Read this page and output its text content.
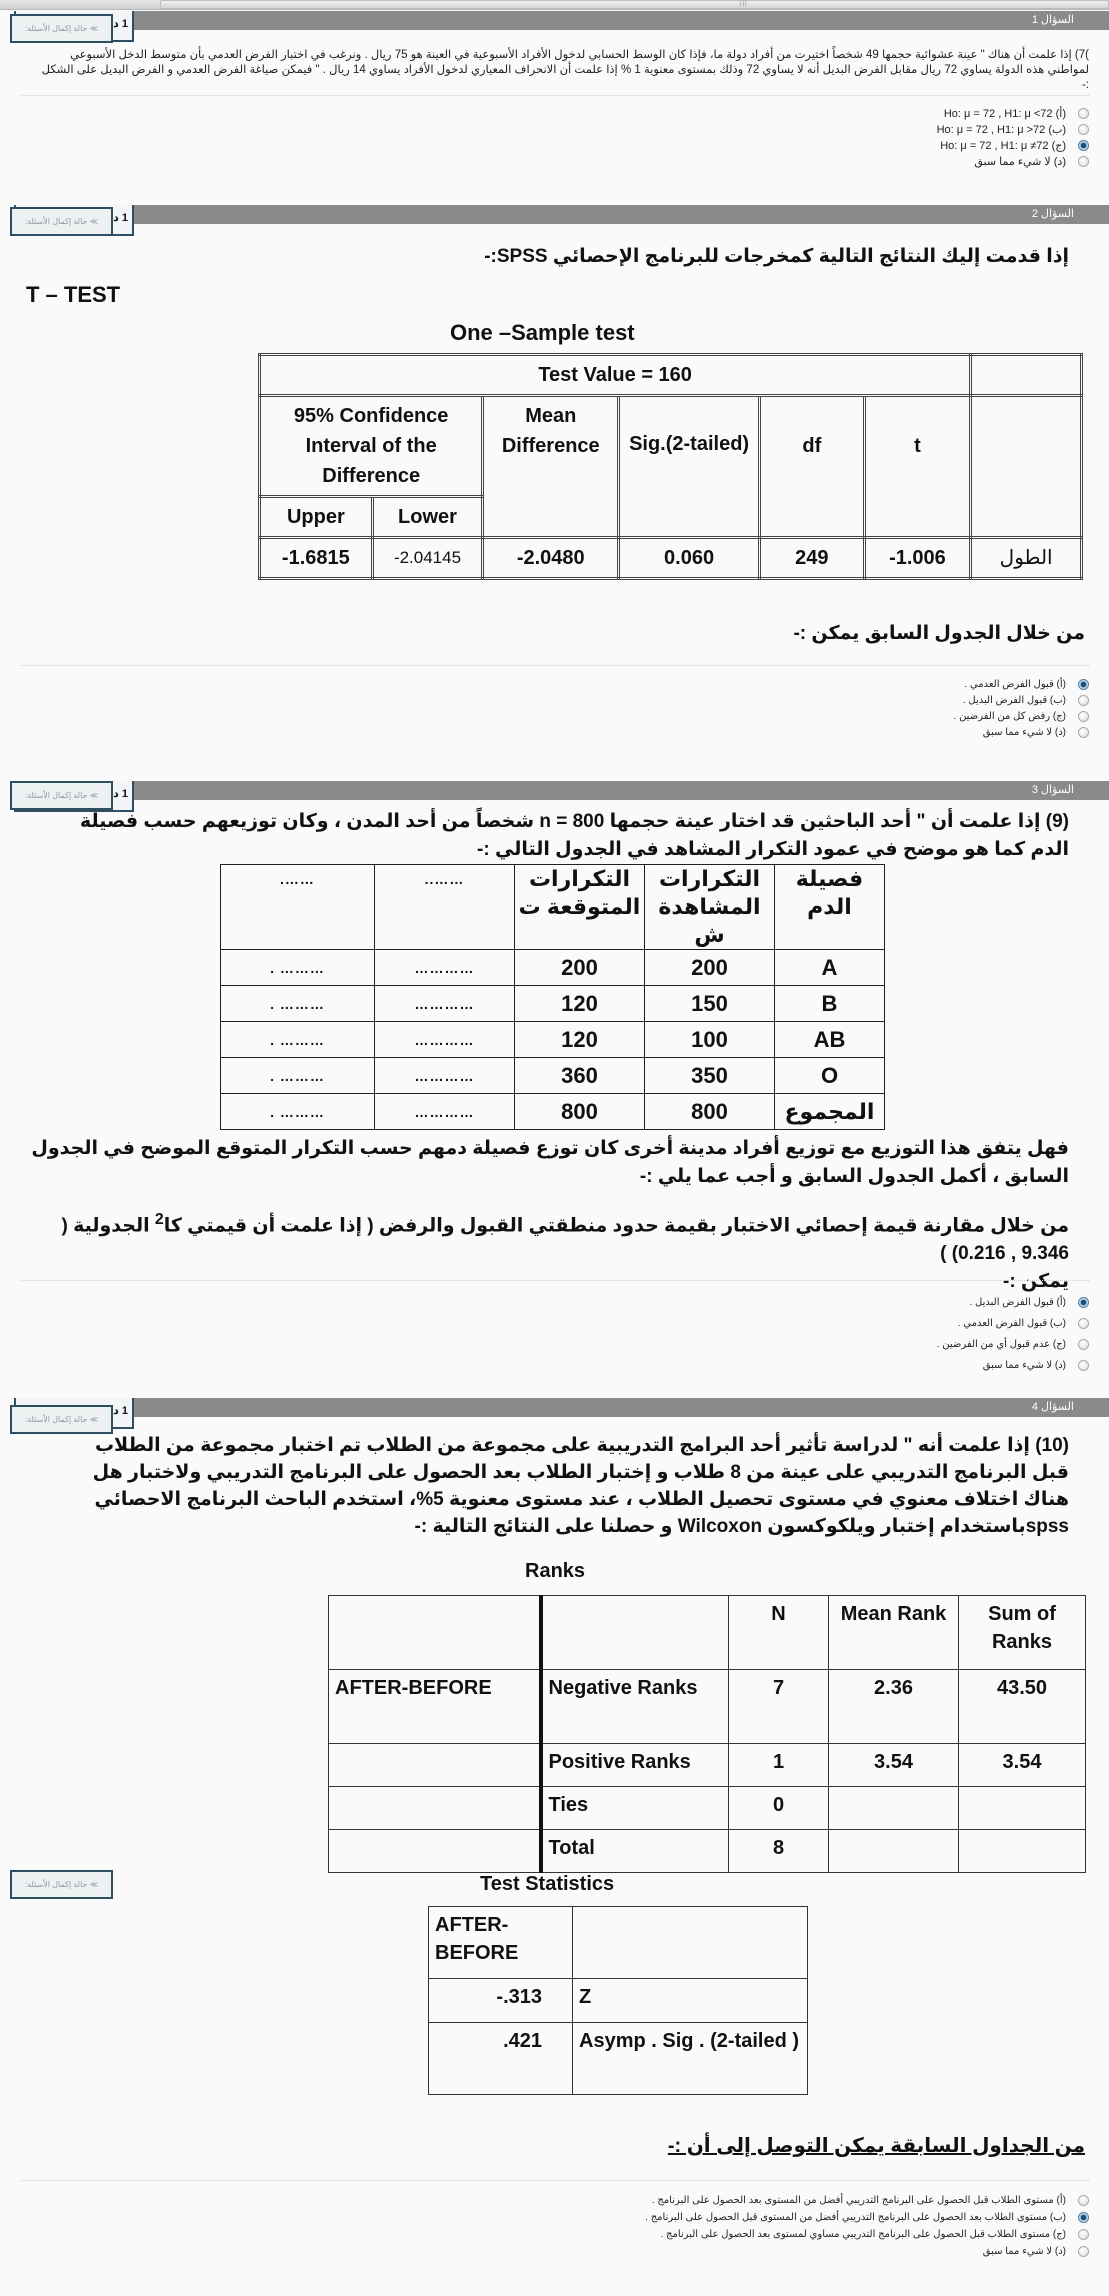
|||
السؤال 1
1 د
≫ حالة إكمال الأسئلة:
)7) إذا علمت أن هناك " عينة عشوائية حجمها 49 شخصاً اختيرت من أفراد دولة ما، فإذا كان الوسط الحسابي لدخول الأفراد الأسبوعية في العينة هو 75 ريال . ونرغب في اختبار الفرض العدمي بأن متوسط الدخل الأسبوعي لمواطني هذه الدولة يساوي 72 ريال مقابل الفرض البديل أنه لا يساوي 72 وذلك بمستوى معنوية 1 % إذا علمت أن الانحراف المعياري لدخول الأفراد يساوي 14 ريال . " فيمكن صياغة الفرض العدمي و الفرض البديل على الشكل :-
(أ) Ho: μ = 72 , H1: μ <72
(ب) Ho: μ = 72 , H1: μ >72
(ج) Ho: μ = 72 , H1: μ ≠72
(د) لا شيء مما سبق
السؤال 2
1 د
≫ حالة إكمال الأسئلة:
إذا قدمت إليك النتائج التالية كمخرجات للبرنامج الإحصائي SPSS:-
T – TEST
One –Sample test
Test Value = 160						
95% Confidence Interval of the Difference		Mean Difference	Sig.(2-tailed)	df	t	
Upper	Lower					
-1.6815	-2.04145	-2.0480	0.060	249	-1.006	الطول
من خلال الجدول السابق يمكن :-
(أ) قبول الفرض العدمي .
(ب) قبول الفرض البديل .
(ج) رفض كل من الفرضين .
(د) لا شيء مما سبق
السؤال 3
1 د
≫ حالة إكمال الأسئلة:
(9) إذا علمت أن " أحد الباحثين قد اختار عينة حجمها 800 = n شخصاً من أحد المدن ، وكان توزيعهم حسب فصيلة الدم كما هو موضح في عمود التكرار المشاهد في الجدول التالي :-
فصيلة الدم	التكرارات المشاهدة ش	التكرارات المتوقعة ت	……..	…….
A	200	200	…………	……… .
B	150	120	…………	……… .
AB	100	120	…………	……… .
O	350	360	…………	……… .
المجموع	800	800	…………	……… .
فهل يتفق هذا التوزيع مع توزيع أفراد مدينة أخرى كان توزع فصيلة دمهم حسب التكرار المتوقع الموضح في الجدول السابق ، أكمل الجدول السابق و أجب عما يلي :-
من خلال مقارنة قيمة إحصائي الاختبار بقيمة حدود منطقتي القبول والرفض ( إذا علمت أن قيمتي كا$^2$ الجدولية ( 9.346 , 0.216) )
يمكن :-
(أ) قبول الفرض البديل .
(ب) قبول الفرض العدمي .
(ج) عدم قبول أي من الفرضين .
(د) لا شيء مما سبق
السؤال 4
1 د
≫ حالة إكمال الأسئلة:
(10) إذا علمت أنه " لدراسة تأثير أحد البرامج التدريبية على مجموعة من الطلاب تم اختبار مجموعة من الطلاب قبل البرنامج التدريبي على عينة من 8 طلاب و إختبار الطلاب بعد الحصول على البرنامج التدريبي ولاختبار هل هناك اختلاف معنوي في مستوى تحصيل الطلاب ، عند مستوى معنوية 5%، استخدم الباحث البرنامج الاحصائي spssباستخدام إختبار ويلكوكسون Wilcoxon و حصلنا على النتائج التالية :-
Ranks
		N	Mean Rank	Sum of Ranks
AFTER-BEFORE	Negative Ranks	7	2.36	43.50
	Positive Ranks	1	3.54	3.54
	Ties	0		
	Total	8		
≫ حالة إكمال الأسئلة:	Test Statistics
AFTER-BEFORE	
-.313	Z
.421	Asymp . Sig . (2-tailed )
من الجداول السابقة يمكن التوصل إلى أن :-
(أ) مستوى الطلاب قبل الحصول على البرنامج التدريبي أفضل من المستوى بعد الحصول على البرنامج .
(ب) مستوى الطلاب بعد الحصول على البرنامج التدريبي أفضل من المستوى قبل الحصول على البرنامج .
(ج) مستوى الطلاب قبل الحصول على البرنامج التدريبي مساوي لمستوى بعد الحصول على البرنامج .
(د) لا شيء مما سبق
